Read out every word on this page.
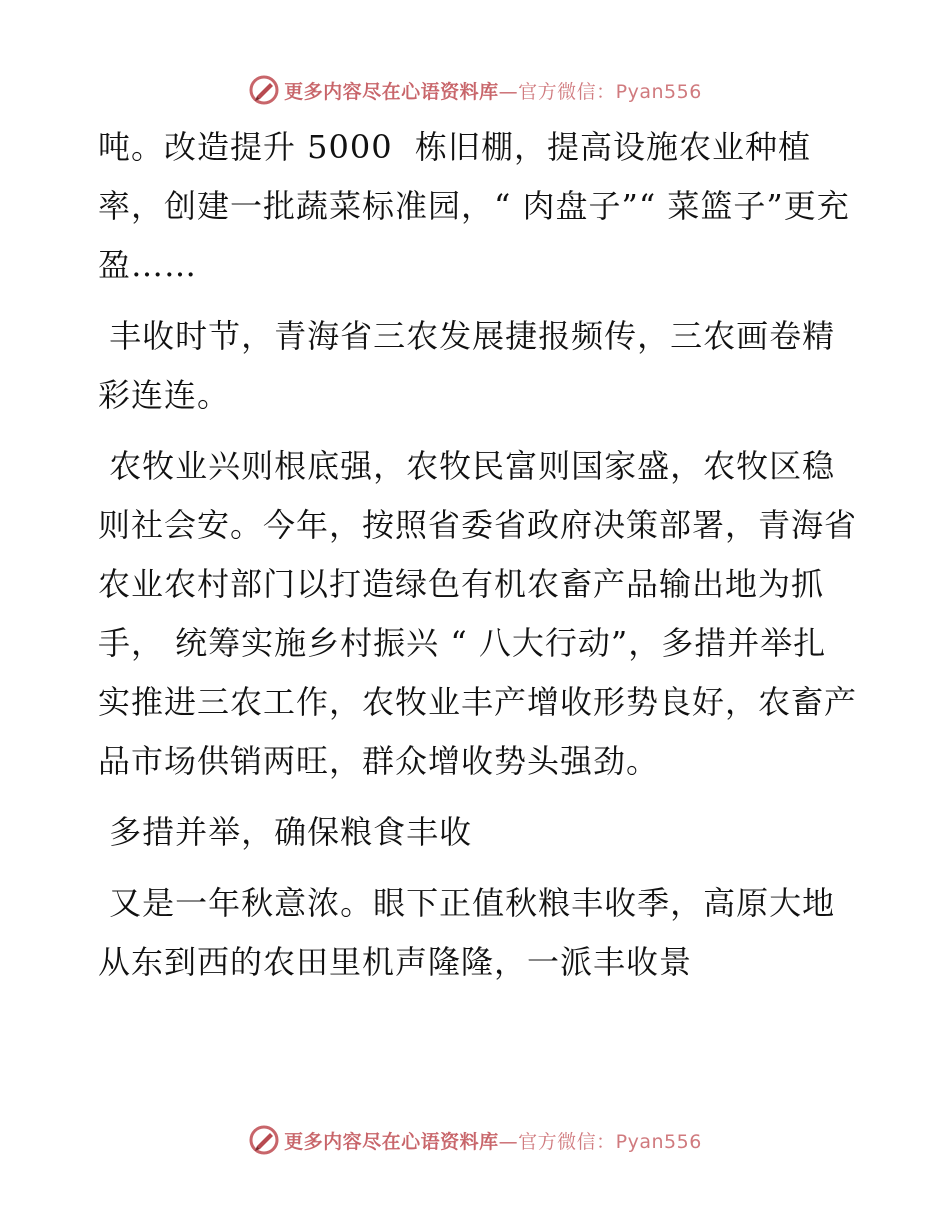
更多内容尽在心语资料库—官方微信：Pyan556

吨。改造提升 5000  栋旧棚，提高设施农业种植率，创建一批蔬菜标准园，“ 肉盘子”“ 菜篮子”更充盈……

丰收时节，青海省三农发展捷报频传，三农画卷精彩连连。

农牧业兴则根底强，农牧民富则国家盛，农牧区稳则社会安。今年，按照省委省政府决策部署，青海省农业农村部门以打造绿色有机农畜产品输出地为抓手， 统筹实施乡村振兴 “ 八大行动”，多措并举扎实推进三农工作，农牧业丰产增收形势良好，农畜产品市场供销两旺，群众增收势头强劲。

多措并举，确保粮食丰收

又是一年秋意浓。眼下正值秋粮丰收季，高原大地从东到西的农田里机声隆隆，一派丰收景

更多内容尽在心语资料库—官方微信：Pyan556
